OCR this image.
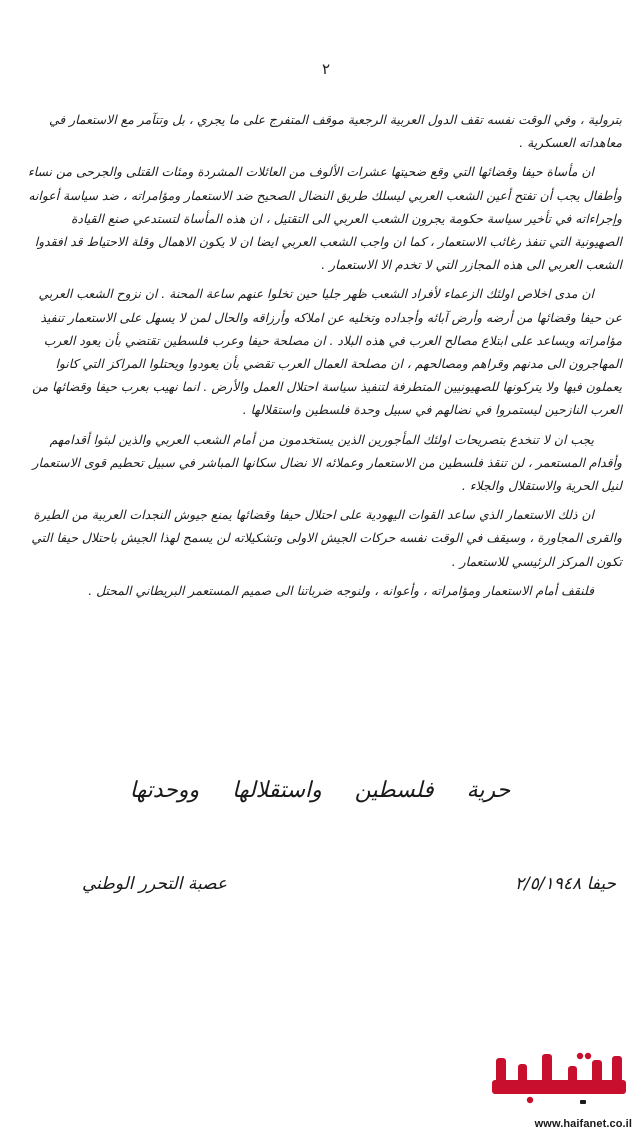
٢

بترولية ، وفي الوقت نفسه تقف الدول العربية الرجعية موقف المتفرج على ما يجري ، بل وتتآمر مع الاستعمار في معاهداته العسكرية .

ان مأساة حيفا وقضائها التي وقع ضحيتها عشرات الألوف من العائلات المشردة ومئات القتلى والجرحى من نساء وأطفال يجب أن تفتح أعين الشعب العربي ليسلك طريق النضال الصحيح ضد الاستعمار ومؤامراته ، ضد سياسة أعوانه وإجراءاته في تأخير سياسة حكومة يجرون الشعب العربي الى التقتيل ، ان هذه المأساة لتستدعي صنع القيادة الصهيونية التي تنفذ رغائب الاستعمار ، كما ان واجب الشعب العربي ايضا ان لا يكون الاهمال وقلة الاحتياط قد افقدوا الشعب العربي الى هذه المجازر التي لا تخدم الا الاستعمار .

ان مدى اخلاص اولئك الزعماء لأفراد الشعب ظهر جليا حين تخلوا عنهم ساعة المحنة . ان نزوح الشعب العربي عن حيفا وقضائها من أرضه وأرض آبائه وأجداده وتخليه عن املاكه وأرزاقه والحال لمن لا يسهل على الاستعمار تنفيذ مؤامراته ويساعد على ابتلاع مصالح العرب في هذه البلاد . ان مصلحة حيفا وعرب فلسطين تقتضي بأن يعود العرب المهاجرون الى مدنهم وقراهم ومصالحهم ، ان مصلحة العمال العرب تقضي بأن يعودوا ويحتلوا المراكز التي كانوا يعملون فيها ولا يتركونها للصهيونيين المتطرفة لتنفيذ سياسة احتلال العمل والأرض . انما نهيب بعرب حيفا وقضائها من العرب النازحين ليستمروا في نضالهم في سبيل وحدة فلسطين واستقلالها .

يجب ان لا تنخدع بتصريحات اولئك المأجورين الذين يستخدمون من أمام الشعب العربي والذين لبثوا أقدامهم وأقدام المستعمر ، لن تنقذ فلسطين من الاستعمار وعملائه الا نضال سكانها المباشر في سبيل تحطيم قوى الاستعمار لنيل الحرية والاستقلال والجلاء .

ان ذلك الاستعمار الذي ساعد القوات اليهودية على احتلال حيفا وقضائها يمنع جيوش النجدات العربية من الطيرة والقرى المجاورة ، وسيقف في الوقت نفسه حركات الجيش الاولى وتشكيلاته لن يسمح لهذا الجيش باحتلال حيفا التي تكون المركز الرئيسي للاستعمار .

فلنقف أمام الاستعمار ومؤامراته ، وأعوانه ، ولنوجه ضرباتنا الى صميم المستعمر البريطاني المحتل .

حرية فلسطين واستقلالها ووحدتها
حيفا ٢/٥/١٩٤٨
عصبة التحرر الوطني
www.haifanet.co.il
